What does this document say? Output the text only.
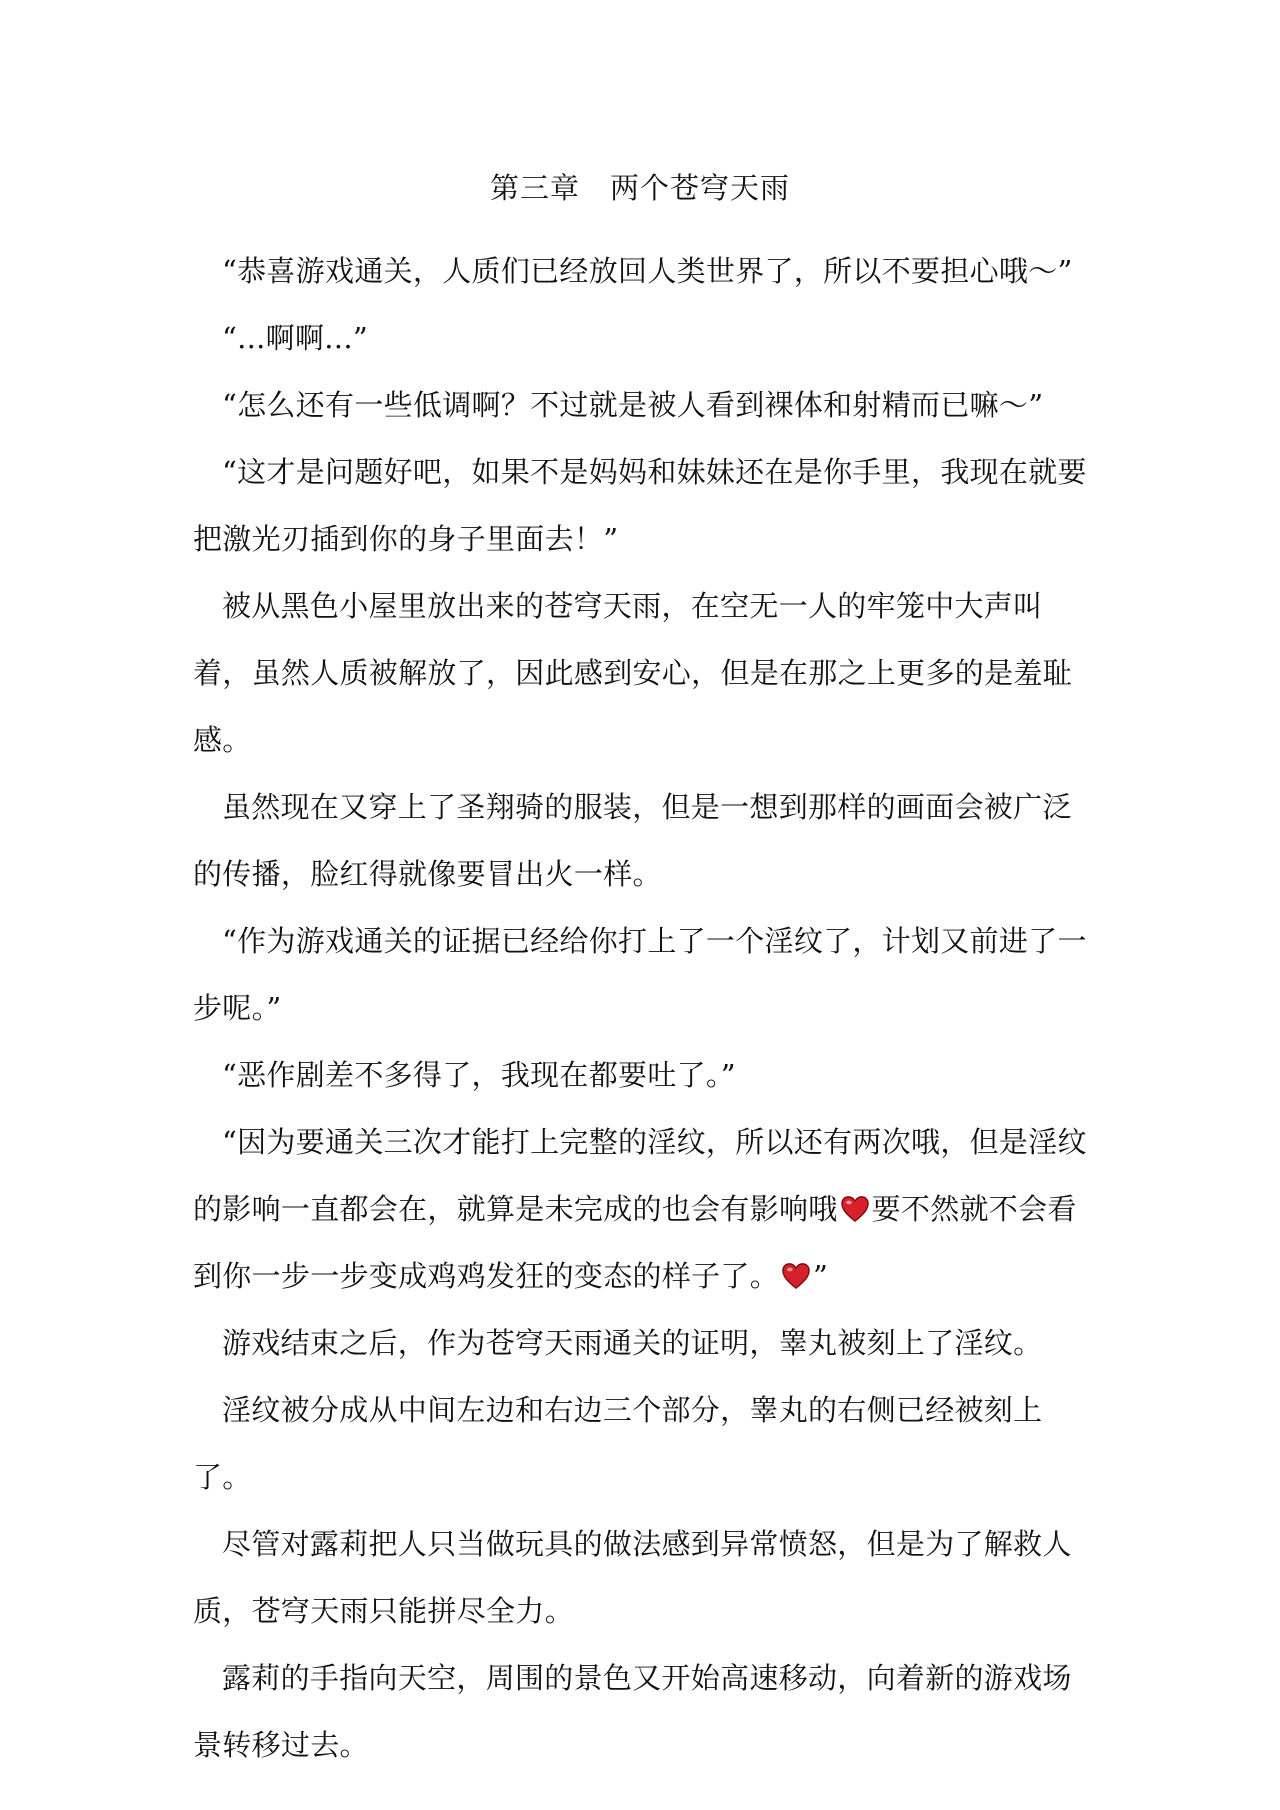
第三章　两个苍穹天雨

“恭喜游戏通关，人质们已经放回人类世界了，所以不要担心哦～”

“...啊啊...”

“怎么还有一些低调啊？不过就是被人看到裸体和射精而已嘛～”

“这才是问题好吧，如果不是妈妈和妹妹还在是你手里，我现在就要把激光刃插到你的身子里面去！”

被从黑色小屋里放出来的苍穹天雨，在空无一人的牢笼中大声叫着，虽然人质被解放了，因此感到安心，但是在那之上更多的是羞耻感。

虽然现在又穿上了圣翔骑的服装，但是一想到那样的画面会被广泛的传播，脸红得就像要冒出火一样。

“作为游戏通关的证据已经给你打上了一个淫纹了，计划又前进了一步呢。”

“恶作剧差不多得了，我现在都要吐了。”

“因为要通关三次才能打上完整的淫纹，所以还有两次哦，但是淫纹的影响一直都会在，就算是未完成的也会有影响哦 要不然就不会看到你一步一步变成鸡鸡发狂的变态的样子了。 ”

游戏结束之后，作为苍穹天雨通关的证明，睾丸被刻上了淫纹。

淫纹被分成从中间左边和右边三个部分，睾丸的右侧已经被刻上了。

尽管对露莉把人只当做玩具的做法感到异常愤怒，但是为了解救人质，苍穹天雨只能拼尽全力。

露莉的手指向天空，周围的景色又开始高速移动，向着新的游戏场景转移过去。
